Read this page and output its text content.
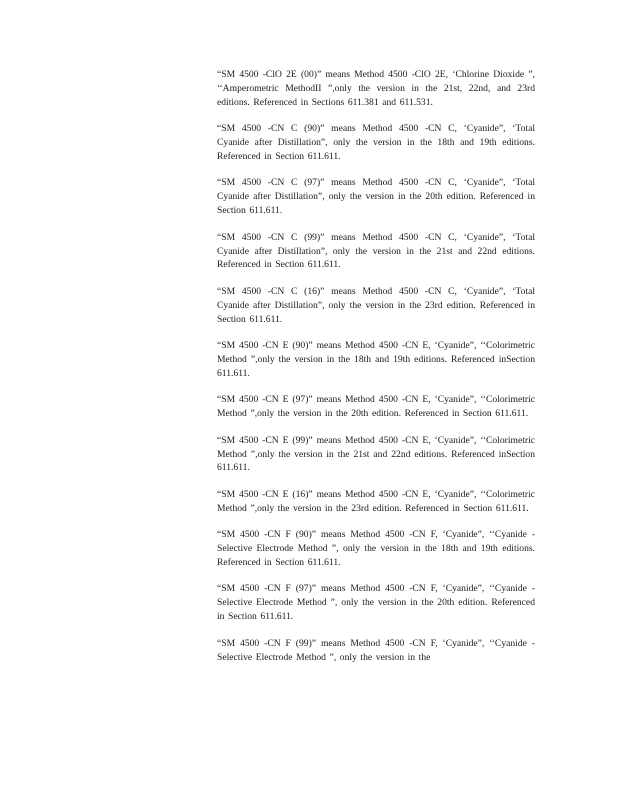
“SM 4500 -ClO 2E (00)” means Method 4500 -ClO 2E, ‘Chlorine Dioxide ”, ‘‘Amperometric MethodII ”,only the version in the 21st, 22nd, and 23rd editions. Referenced in Sections 611.381 and 611.531.

“SM 4500 -CN C (90)” means Method 4500 -CN C, ‘Cyanide”, ‘Total Cyanide after Distillation”, only the version in the 18th and 19th editions. Referenced in Section 611.611.

“SM 4500 -CN C (97)” means Method 4500 -CN C, ‘Cyanide”, ‘Total Cyanide after Distillation”, only the version in the 20th edition. Referenced in Section 611.611.

“SM 4500 -CN C (99)” means Method 4500 -CN C, ‘Cyanide”, ‘Total Cyanide after Distillation”, only the version in the 21st and 22nd editions. Referenced in Section 611.611.

“SM 4500 -CN C (16)” means Method 4500 -CN C, ‘Cyanide”, ‘Total Cyanide after Distillation”, only the version in the 23rd edition. Referenced in Section 611.611.

“SM 4500 -CN E (90)” means Method 4500 -CN E, ‘Cyanide”, ‘‘Colorimetric Method ”,only the version in the 18th and 19th editions. Referenced inSection 611.611.

“SM 4500 -CN E (97)” means Method 4500 -CN E, ‘Cyanide”, ‘‘Colorimetric Method ”,only the version in the 20th edition. Referenced in Section 611.611.

“SM 4500 -CN E (99)” means Method 4500 -CN E, ‘Cyanide”, ‘‘Colorimetric Method ”,only the version in the 21st and 22nd editions. Referenced inSection 611.611.

“SM 4500 -CN E (16)” means Method 4500 -CN E, ‘Cyanide”, ‘‘Colorimetric Method ”,only the version in the 23rd edition. Referenced in Section 611.611.

“SM 4500 -CN F (90)” means Method 4500 -CN F, ‘Cyanide”, ‘‘Cyanide -Selective Electrode Method ”, only the version in the 18th and 19th editions. Referenced in Section 611.611.

“SM 4500 -CN F (97)” means Method 4500 -CN F, ‘Cyanide”, ‘‘Cyanide -Selective Electrode Method ”, only the version in the 20th edition. Referenced in Section 611.611.

“SM 4500 -CN F (99)” means Method 4500 -CN F, ‘Cyanide”, ‘‘Cyanide -Selective Electrode Method ”, only the version in the
